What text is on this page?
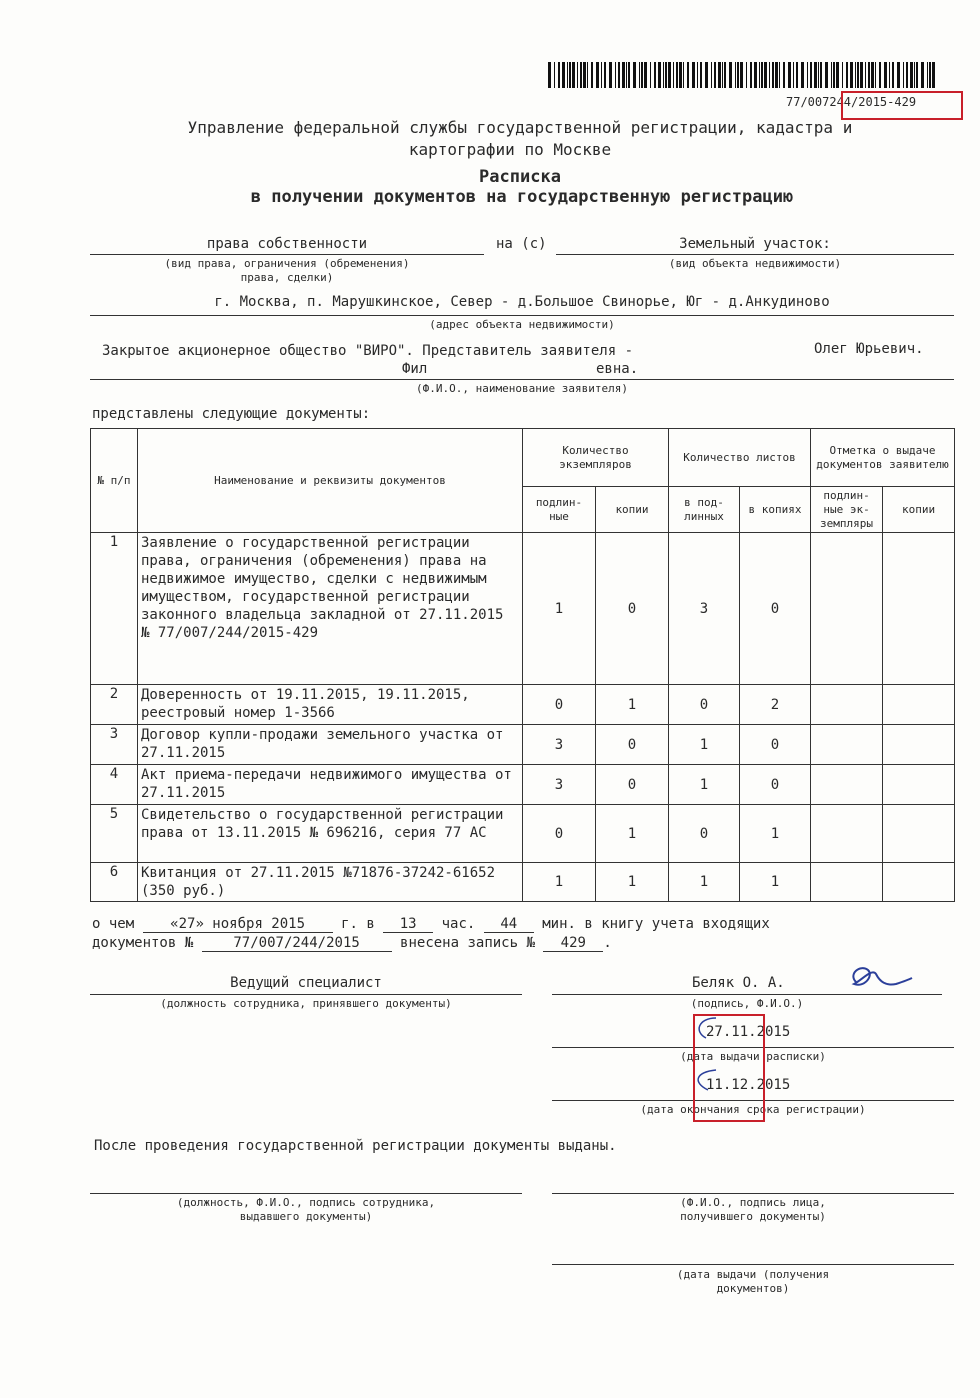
77/007244/2015-429
Управление федеральной службы государственной регистрации, кадастра и
картографии по Москве
Расписка
в получении документов на государственную регистрацию
права собственности	на (с)	Земельный участок:
(вид права, ограничения (обременения)
права, сделки)
(вид объекта недвижимости)
г. Москва, п. Марушкинское, Север - д.Большое Свинорье, Юг - д.Анкудиново
(адрес объекта недвижимости)
Закрытое акционерное общество "ВИРО". Представитель заявителя -	Олег Юрьевич.
Фил	евна.
(Ф.И.О., наименование заявителя)
представлены следующие документы:
№ п/п	Наименование и реквизиты документов	Количество экземпляров		Количество листов		Отметка о выдаче документов заявителю	
		подлин- ные	копии	в под- линных	в копиях	подлин- ные эк- земпляры	копии
1	Заявление о государственной регистрации права, ограничения (обременения) права на недвижимое имущество, сделки с недвижимым имуществом, государственной регистрации законного владельца закладной от 27.11.2015 № 77/007/244/2015-429	1	0	3	0		
2	Доверенность от 19.11.2015, 19.11.2015, реестровый номер 1-3566	0	1	0	2		
3	Договор купли-продажи земельного участка от 27.11.2015	3	0	1	0		
4	Акт приема-передачи недвижимого имущества от 27.11.2015	3	0	1	0		
5	Свидетельство о государственной регистрации права от 13.11.2015 № 696216, серия 77 АС	0	1	0	1		
6	Квитанция от 27.11.2015 №71876-37242-61652 (350 руб.)	1	1	1	1		
о чем	«27» ноября 2015	г. в 13 час. 44 мин. в книгу учета входящих
документов №	77/007/244/2015	внесена запись № 429 .
Ведущий специалист
(должность сотрудника, принявшего документы)
Беляк О. А.
(подпись, Ф.И.О.)
27.11.2015
(дата выдачи расписки)
11.12.2015
(дата окончания срока регистрации)
После проведения государственной регистрации документы выданы.
(должность, Ф.И.О., подпись сотрудника,
выдавшего документы)
(Ф.И.О., подпись лица,
получившего документы)
(дата выдачи (получения
документов)
